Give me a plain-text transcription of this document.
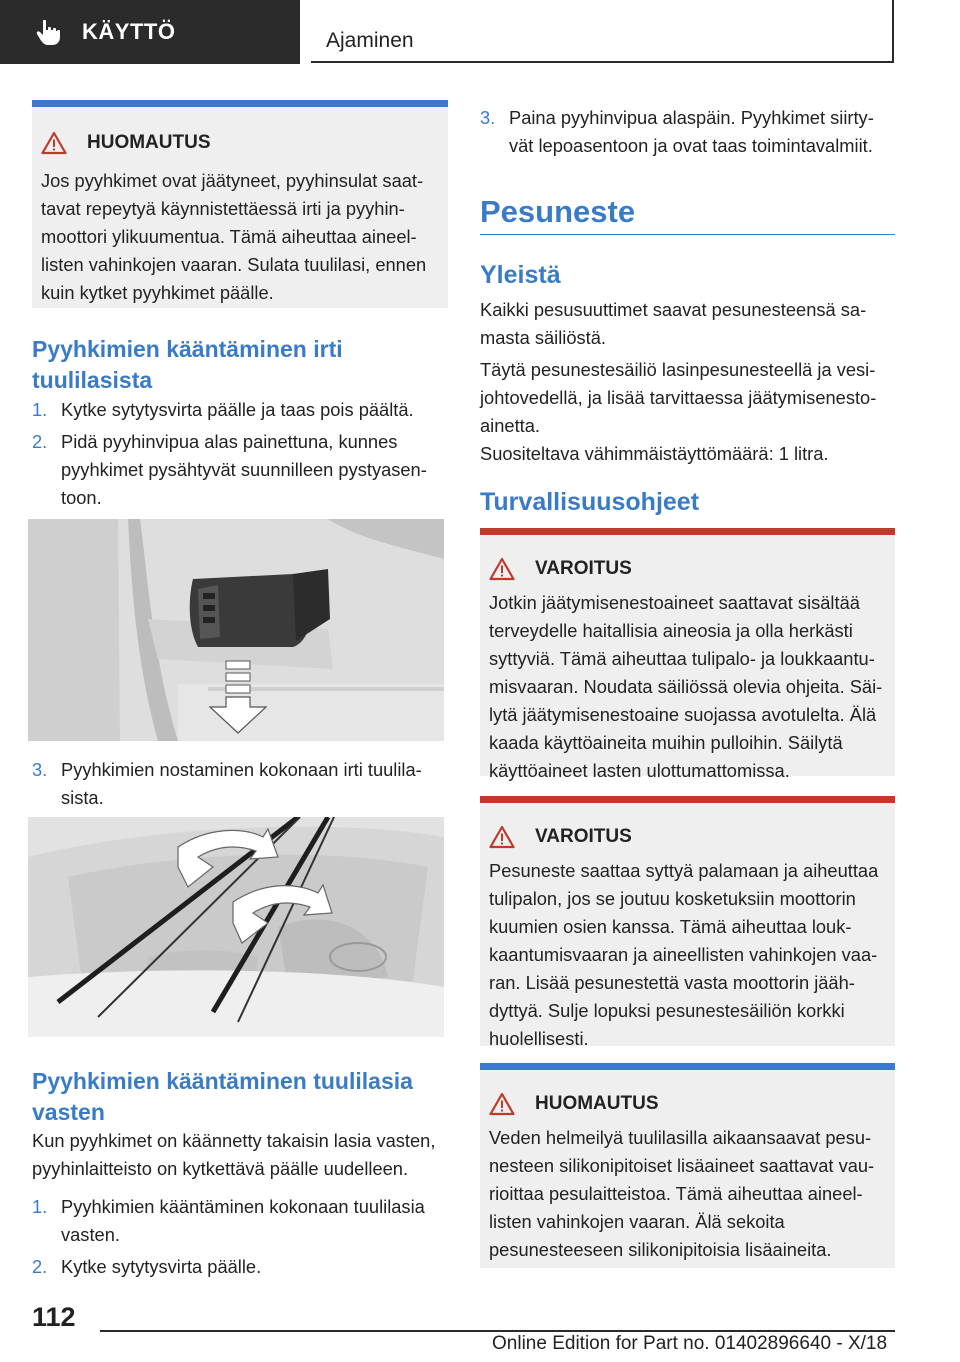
KÄYTTÖ	Ajaminen
HUOMAUTUS
Jos pyyhkimet ovat jäätyneet, pyyhinsulat saat-
tavat repeytyä käynnistettäessä irti ja pyyhin-
moottori ylikuumentua. Tämä aiheuttaa aineel-
listen vahinkojen vaaran. Sulata tuulilasi, ennen
kuin kytket pyyhkimet päälle.
Pyyhkimien kääntäminen irti
tuulilasista
1. Kytke sytytysvirta päälle ja taas pois päältä.
2. Pidä pyyhinvipua alas painettuna, kunnes
pyyhkimet pysähtyvät suunnilleen pystyasen-
toon.
3. Pyyhkimien nostaminen kokonaan irti tuulila-
sista.
Pyyhkimien kääntäminen tuulilasia
vasten
Kun pyyhkimet on käännetty takaisin lasia vasten,
pyyhinlaitteisto on kytkettävä päälle uudelleen.
1. Pyyhkimien kääntäminen kokonaan tuulilasia
vasten.
2. Kytke sytytysvirta päälle.
3. Paina pyyhinvipua alaspäin. Pyyhkimet siirty-
vät lepoasentoon ja ovat taas toimintavalmiit.
Pesuneste
Yleistä
Kaikki pesusuuttimet saavat pesunesteensä sa-
masta säiliöstä.
Täytä pesunestesäiliö lasinpesunesteellä ja vesi-
johtovedellä, ja lisää tarvittaessa jäätymisenesto-
ainetta.
Suositeltava vähimmäistäyttömäärä: 1 litra.
Turvallisuusohjeet
VAROITUS
Jotkin jäätymisenestoaineet saattavat sisältää
terveydelle haitallisia aineosia ja olla herkästi
syttyviä. Tämä aiheuttaa tulipalo- ja loukkaantu-
misvaaran. Noudata säiliössä olevia ohjeita. Säi-
lytä jäätymisenestoaine suojassa avotulelta. Älä
kaada käyttöaineita muihin pulloihin. Säilytä
käyttöaineet lasten ulottumattomissa.
VAROITUS
Pesuneste saattaa syttyä palamaan ja aiheuttaa
tulipalon, jos se joutuu kosketuksiin moottorin
kuumien osien kanssa. Tämä aiheuttaa louk-
kaantumisvaaran ja aineellisten vahinkojen vaa-
ran. Lisää pesunestettä vasta moottorin jääh-
dyttyä. Sulje lopuksi pesunestesäiliön korkki
huolellisesti.
HUOMAUTUS
Veden helmeilyä tuulilasilla aikaansaavat pesu-
nesteen silikonipitoiset lisäaineet saattavat vau-
rioittaa pesulaitteistoa. Tämä aiheuttaa aineel-
listen vahinkojen vaaran. Älä sekoita
pesunesteeseen silikonipitoisia lisäaineita.
112
Online Edition for Part no. 01402896640 - X/18
